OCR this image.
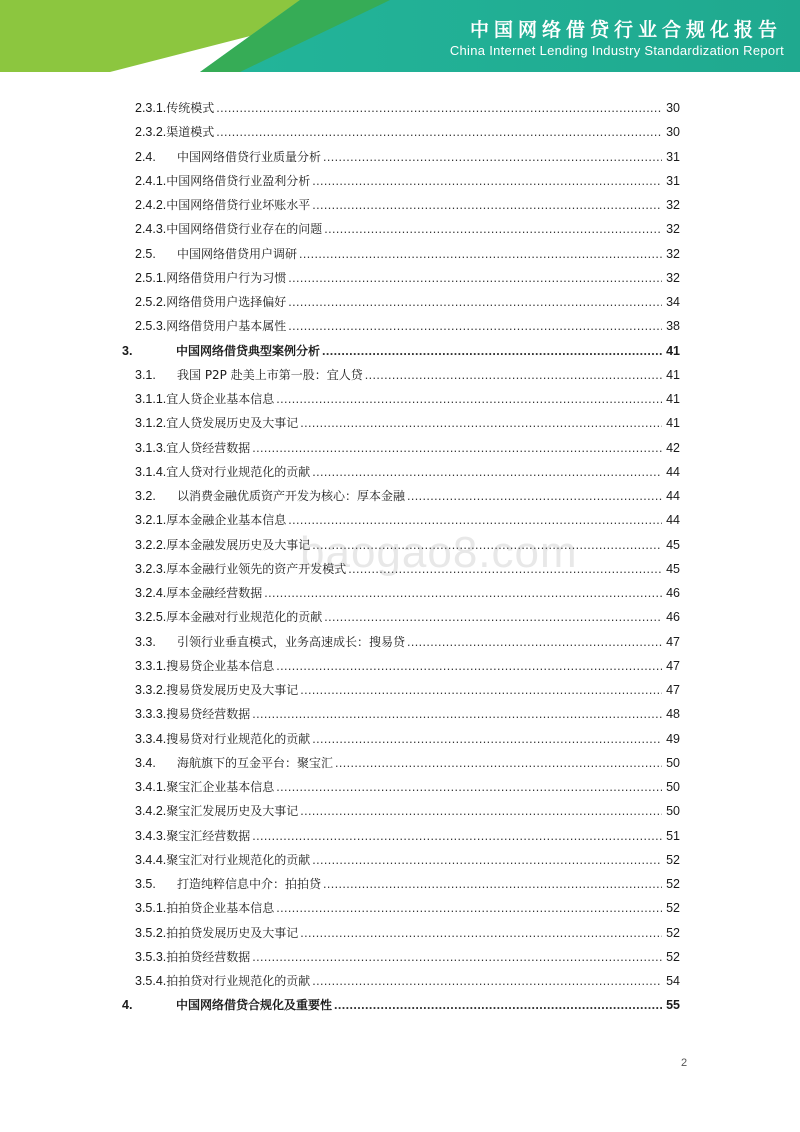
中国网络借贷行业合规化报告
China Internet Lending Industry Standardization Report
2.3.1. 传统模式 .....	30
2.3.2. 渠道模式 .....	30
2.4.	中国网络借贷行业质量分析 .....	31
2.4.1. 中国网络借贷行业盈利分析 .....	31
2.4.2. 中国网络借贷行业坏账水平 .....	32
2.4.3. 中国网络借贷行业存在的问题 .....	32
2.5.	中国网络借贷用户调研 .....	32
2.5.1. 网络借贷用户行为习惯 .....	32
2.5.2. 网络借贷用户选择偏好 .....	34
2.5.3. 网络借贷用户基本属性 .....	38
3.	中国网络借贷典型案例分析 .....	41
3.1.	我国 P2P 赴美上市第一股：宜人贷 .....	41
3.1.1. 宜人贷企业基本信息 .....	41
3.1.2. 宜人贷发展历史及大事记 .....	41
3.1.3. 宜人贷经营数据 .....	42
3.1.4. 宜人贷对行业规范化的贡献 .....	44
3.2.	以消费金融优质资产开发为核心：厚本金融 .....	44
3.2.1. 厚本金融企业基本信息 .....	44
3.2.2. 厚本金融发展历史及大事记 .....	45
3.2.3. 厚本金融行业领先的资产开发模式 .....	45
3.2.4. 厚本金融经营数据 .....	46
3.2.5. 厚本金融对行业规范化的贡献 .....	46
3.3.	引领行业垂直模式，业务高速成长：搜易贷 .....	47
3.3.1. 搜易贷企业基本信息 .....	47
3.3.2. 搜易贷发展历史及大事记 .....	47
3.3.3. 搜易贷经营数据 .....	48
3.3.4. 搜易贷对行业规范化的贡献 .....	49
3.4.	海航旗下的互金平台：聚宝汇 .....	50
3.4.1. 聚宝汇企业基本信息 .....	50
3.4.2. 聚宝汇发展历史及大事记 .....	50
3.4.3. 聚宝汇经营数据 .....	51
3.4.4. 聚宝汇对行业规范化的贡献 .....	52
3.5.	打造纯粹信息中介：拍拍贷 .....	52
3.5.1. 拍拍贷企业基本信息 .....	52
3.5.2. 拍拍贷发展历史及大事记 .....	52
3.5.3. 拍拍贷经营数据 .....	52
3.5.4. 拍拍贷对行业规范化的贡献 .....	54
4.	中国网络借贷合规化及重要性 .....	55
baogao8.com
2
